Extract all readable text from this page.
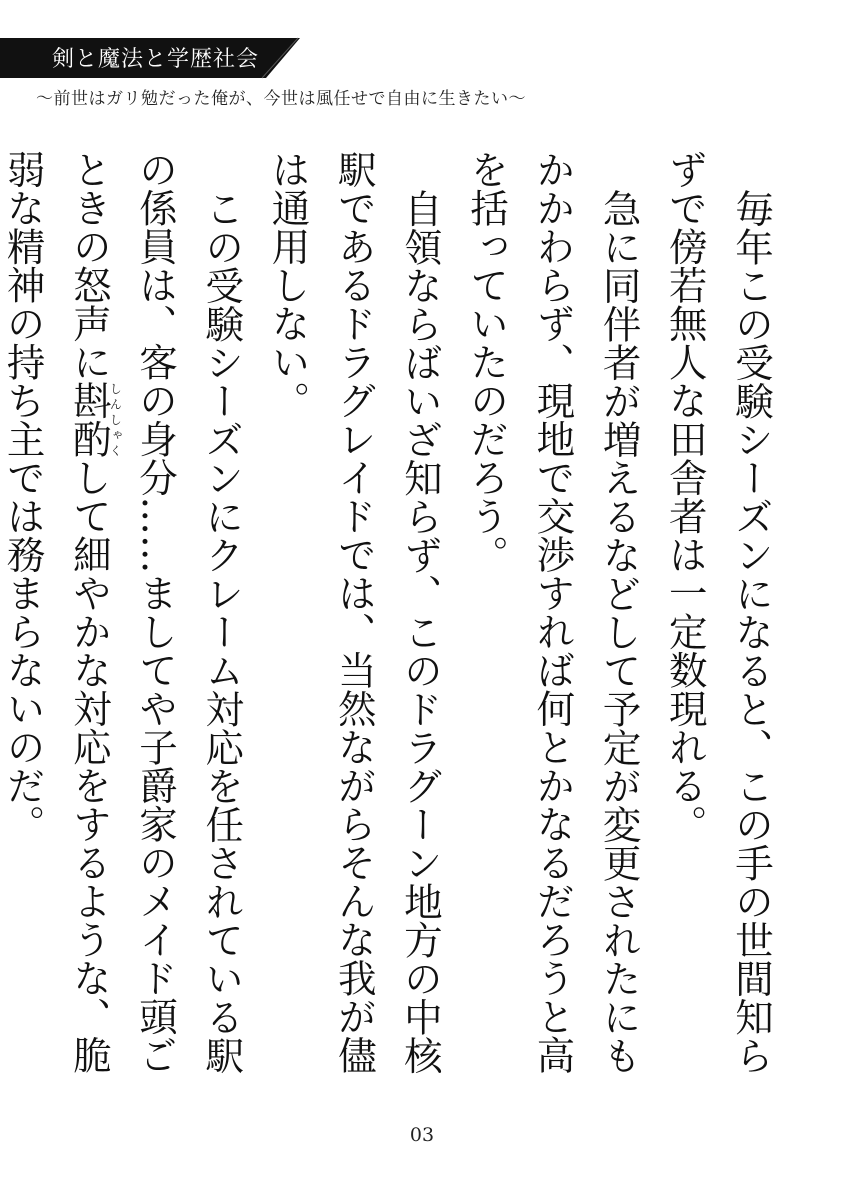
剣と魔法と学歴社会
〜前世はガリ勉だった俺が、今世は風任せで自由に生きたい〜

毎年この受験シーズンになると、この手の世間知らずで傍若無人な田舎者は一定数現れる。

急に同伴者が増えるなどして予定が変更されたにもかかわらず、現地で交渉すれば何とかなるだろうと高を括っていたのだろう。

自領ならばいざ知らず、このドラグーン地方の中核駅であるドラグレイドでは、当然ながらそんな我が儘は通用しない。

この受験シーズンにクレーム対応を任されている駅の係員は、客の身分……ましてや子爵家のメイド頭ごときの怒声に斟酌しんしゃくして細やかな対応をするような、脆弱な精神の持ち主では務まらないのだ。

03
